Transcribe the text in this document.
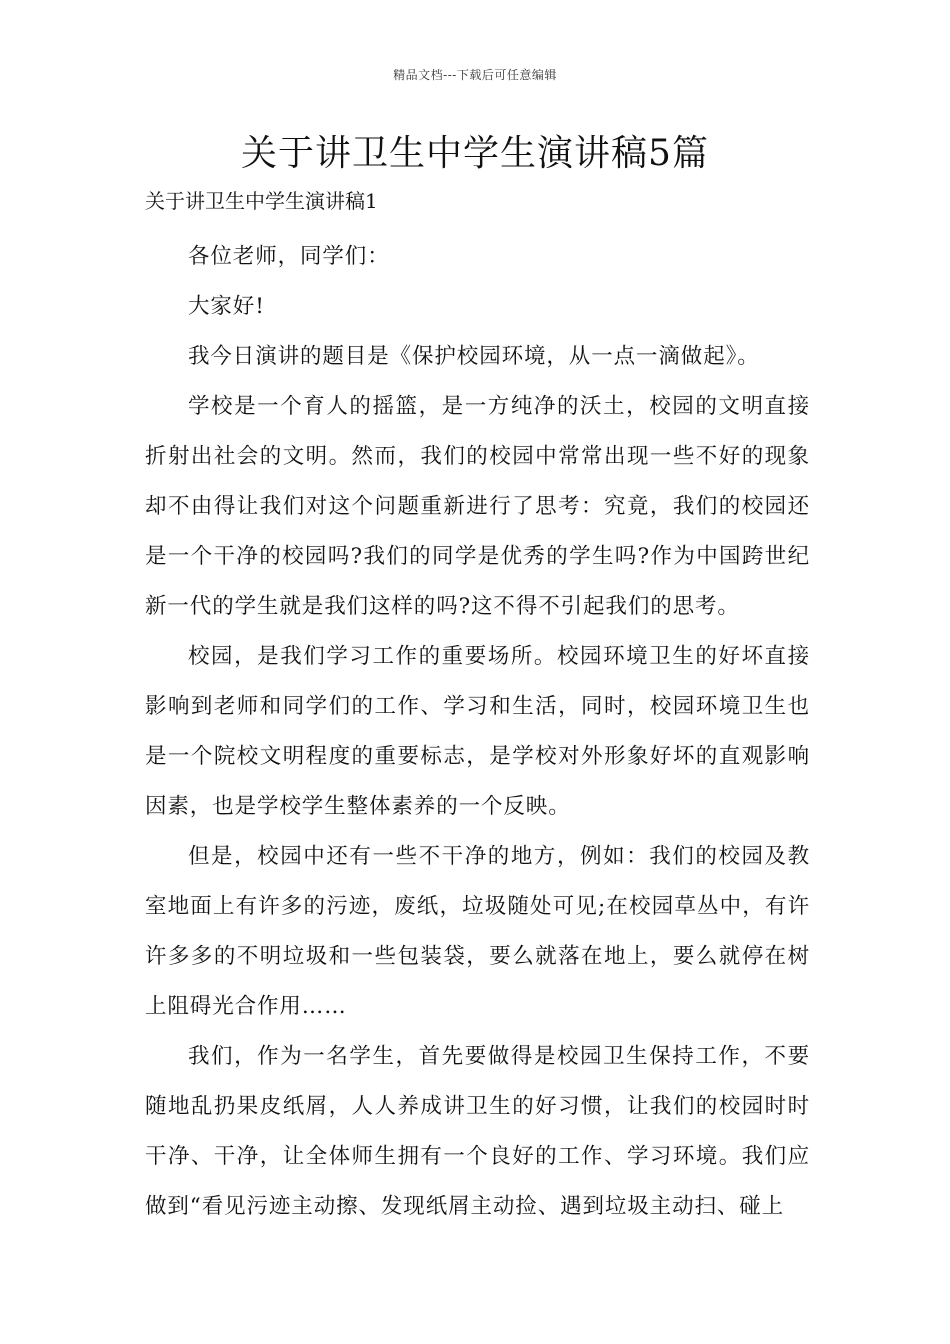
精品文档---下载后可任意编辑
关于讲卫生中学生演讲稿5篇

关于讲卫生中学生演讲稿1

各位老师，同学们：

大家好!

我今日演讲的题目是《保护校园环境，从一点一滴做起》。

学校是一个育人的摇篮，是一方纯净的沃土，校园的文明直接折射出社会的文明。然而，我们的校园中常常出现一些不好的现象却不由得让我们对这个问题重新进行了思考：究竟，我们的校园还是一个干净的校园吗?我们的同学是优秀的学生吗?作为中国跨世纪新一代的学生就是我们这样的吗?这不得不引起我们的思考。

校园，是我们学习工作的重要场所。校园环境卫生的好坏直接影响到老师和同学们的工作、学习和生活，同时，校园环境卫生也是一个院校文明程度的重要标志，是学校对外形象好坏的直观影响因素，也是学校学生整体素养的一个反映。

但是，校园中还有一些不干净的地方，例如：我们的校园及教室地面上有许多的污迹，废纸，垃圾随处可见;在校园草丛中，有许许多多的不明垃圾和一些包装袋，要么就落在地上，要么就停在树上阻碍光合作用……

我们，作为一名学生，首先要做得是校园卫生保持工作，不要随地乱扔果皮纸屑，人人养成讲卫生的好习惯，让我们的校园时时干净、干净，让全体师生拥有一个良好的工作、学习环境。我们应做到“看见污迹主动擦、发现纸屑主动捡、遇到垃圾主动扫、碰上
